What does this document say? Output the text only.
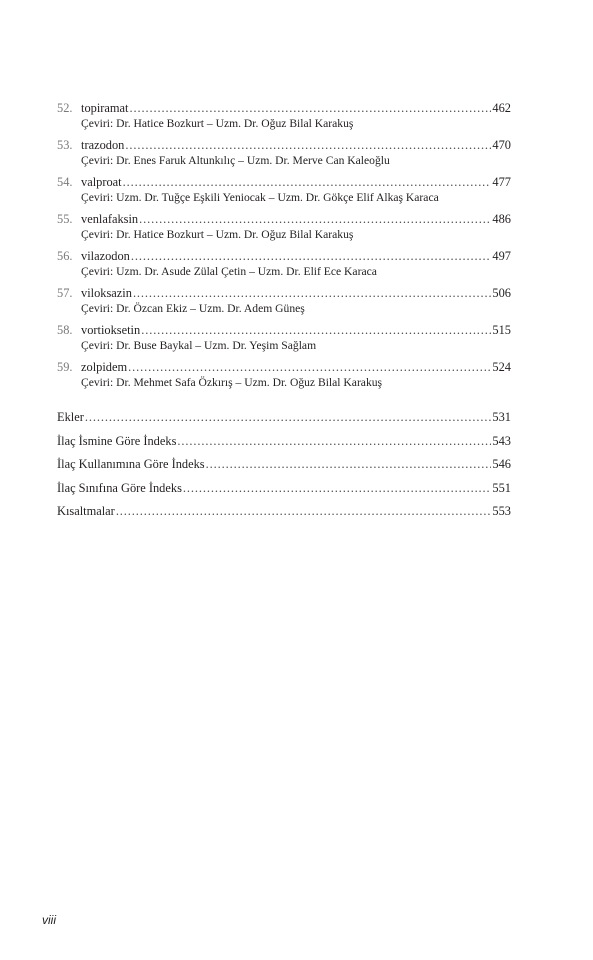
52. topiramat . . .	462
Çeviri: Dr. Hatice Bozkurt – Uzm. Dr. Oğuz Bilal Karakuş
53. trazodon . . .	470
Çeviri: Dr. Enes Faruk Altunkılıç – Uzm. Dr. Merve Can Kaleoğlu
54. valproat . . .	477
Çeviri: Uzm. Dr. Tuğçe Eşkili Yeniocak – Uzm. Dr. Gökçe Elif Alkaş Karaca
55. venlafaksin . . .	486
Çeviri: Dr. Hatice Bozkurt – Uzm. Dr. Oğuz Bilal Karakuş
56. vilazodon . . .	497
Çeviri: Uzm. Dr. Asude Zülal Çetin – Uzm. Dr. Elif Ece Karaca
57. viloksazin . . .	506
Çeviri: Dr. Özcan Ekiz – Uzm. Dr. Adem Güneş
58. vortioksetin . . .	515
Çeviri: Dr. Buse Baykal – Uzm. Dr. Yeşim Sağlam
59. zolpidem . . .	524
Çeviri: Dr. Mehmet Safa Özkırış – Uzm. Dr. Oğuz Bilal Karakuş
Ekler . . .	531
İlaç İsmine Göre İndeks . . .	543
İlaç Kullanımına Göre İndeks . . .	546
İlaç Sınıfına Göre İndeks . . .	551
Kısaltmalar . . .	553
viii
